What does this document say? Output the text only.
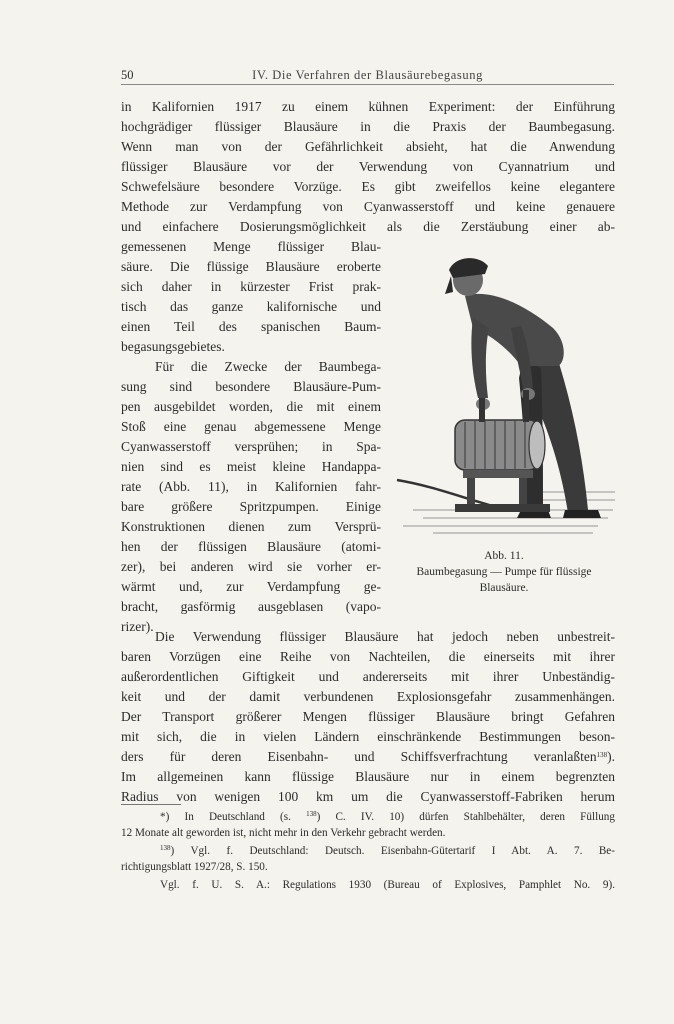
50	IV. Die Verfahren der Blausäurebegasung
in Kalifornien 1917 zu einem kühnen Experiment: der Einführung
hochgrädiger flüssiger Blausäure in die Praxis der Baumbegasung.
Wenn man von der Gefährlichkeit absieht, hat die Anwendung
flüssiger Blausäure vor der Verwendung von Cyannatrium und
Schwefelsäure besondere Vorzüge. Es gibt zweifellos keine elegantere
Methode zur Verdampfung von Cyanwasserstoff und keine genauere
und einfachere Dosierungsmöglichkeit als die Zerstäubung einer ab-
gemessenen Menge flüssiger Blau-
säure. Die flüssige Blausäure eroberte
sich daher in kürzester Frist prak-
tisch das ganze kalifornische und
einen Teil des spanischen Baum-
begasungsgebietes.
Für die Zwecke der Baumbega-
sung sind besondere Blausäure-Pum-
pen ausgebildet worden, die mit einem
Stoß eine genau abgemessene Menge
Cyanwasserstoff versprühen; in Spa-
nien sind es meist kleine Handappa-
rate (Abb. 11), in Kalifornien fahr-
bare größere Spritzpumpen. Einige
Konstruktionen dienen zum Versprü-
hen der flüssigen Blausäure (atomi-
zer), bei anderen wird sie vorher er-
wärmt und, zur Verdampfung ge-
bracht, gasförmig ausgeblasen (vapo-
rizer).
Abb. 11.
Baumbegasung — Pumpe für flüssige
Blausäure.
Die Verwendung flüssiger Blausäure hat jedoch neben unbestreit-
baren Vorzügen eine Reihe von Nachteilen, die einerseits mit ihrer
außerordentlichen Giftigkeit und andererseits mit ihrer Unbeständig-
keit und der damit verbundenen Explosionsgefahr zusammenhängen.
Der Transport größerer Mengen flüssiger Blausäure bringt Gefahren
mit sich, die in vielen Ländern einschränkende Bestimmungen beson-
ders für deren Eisenbahn- und Schiffsverfrachtung veranlaßten$^{138}$).
Im allgemeinen kann flüssige Blausäure nur in einem begrenzten
Radius von wenigen 100 km um die Cyanwasserstoff-Fabriken herum
*) In Deutschland (s. $^{138}$) C. IV. 10) dürfen Stahlbehälter, deren Füllung
12 Monate alt geworden ist, nicht mehr in den Verkehr gebracht werden.
$^{138}$) Vgl. f. Deutschland: Deutsch. Eisenbahn-Gütertarif I Abt. A. 7. Be-
richtigungsblatt 1927/28, S. 150.
Vgl. f. U. S. A.: Regulations 1930 (Bureau of Explosives, Pamphlet No. 9).
